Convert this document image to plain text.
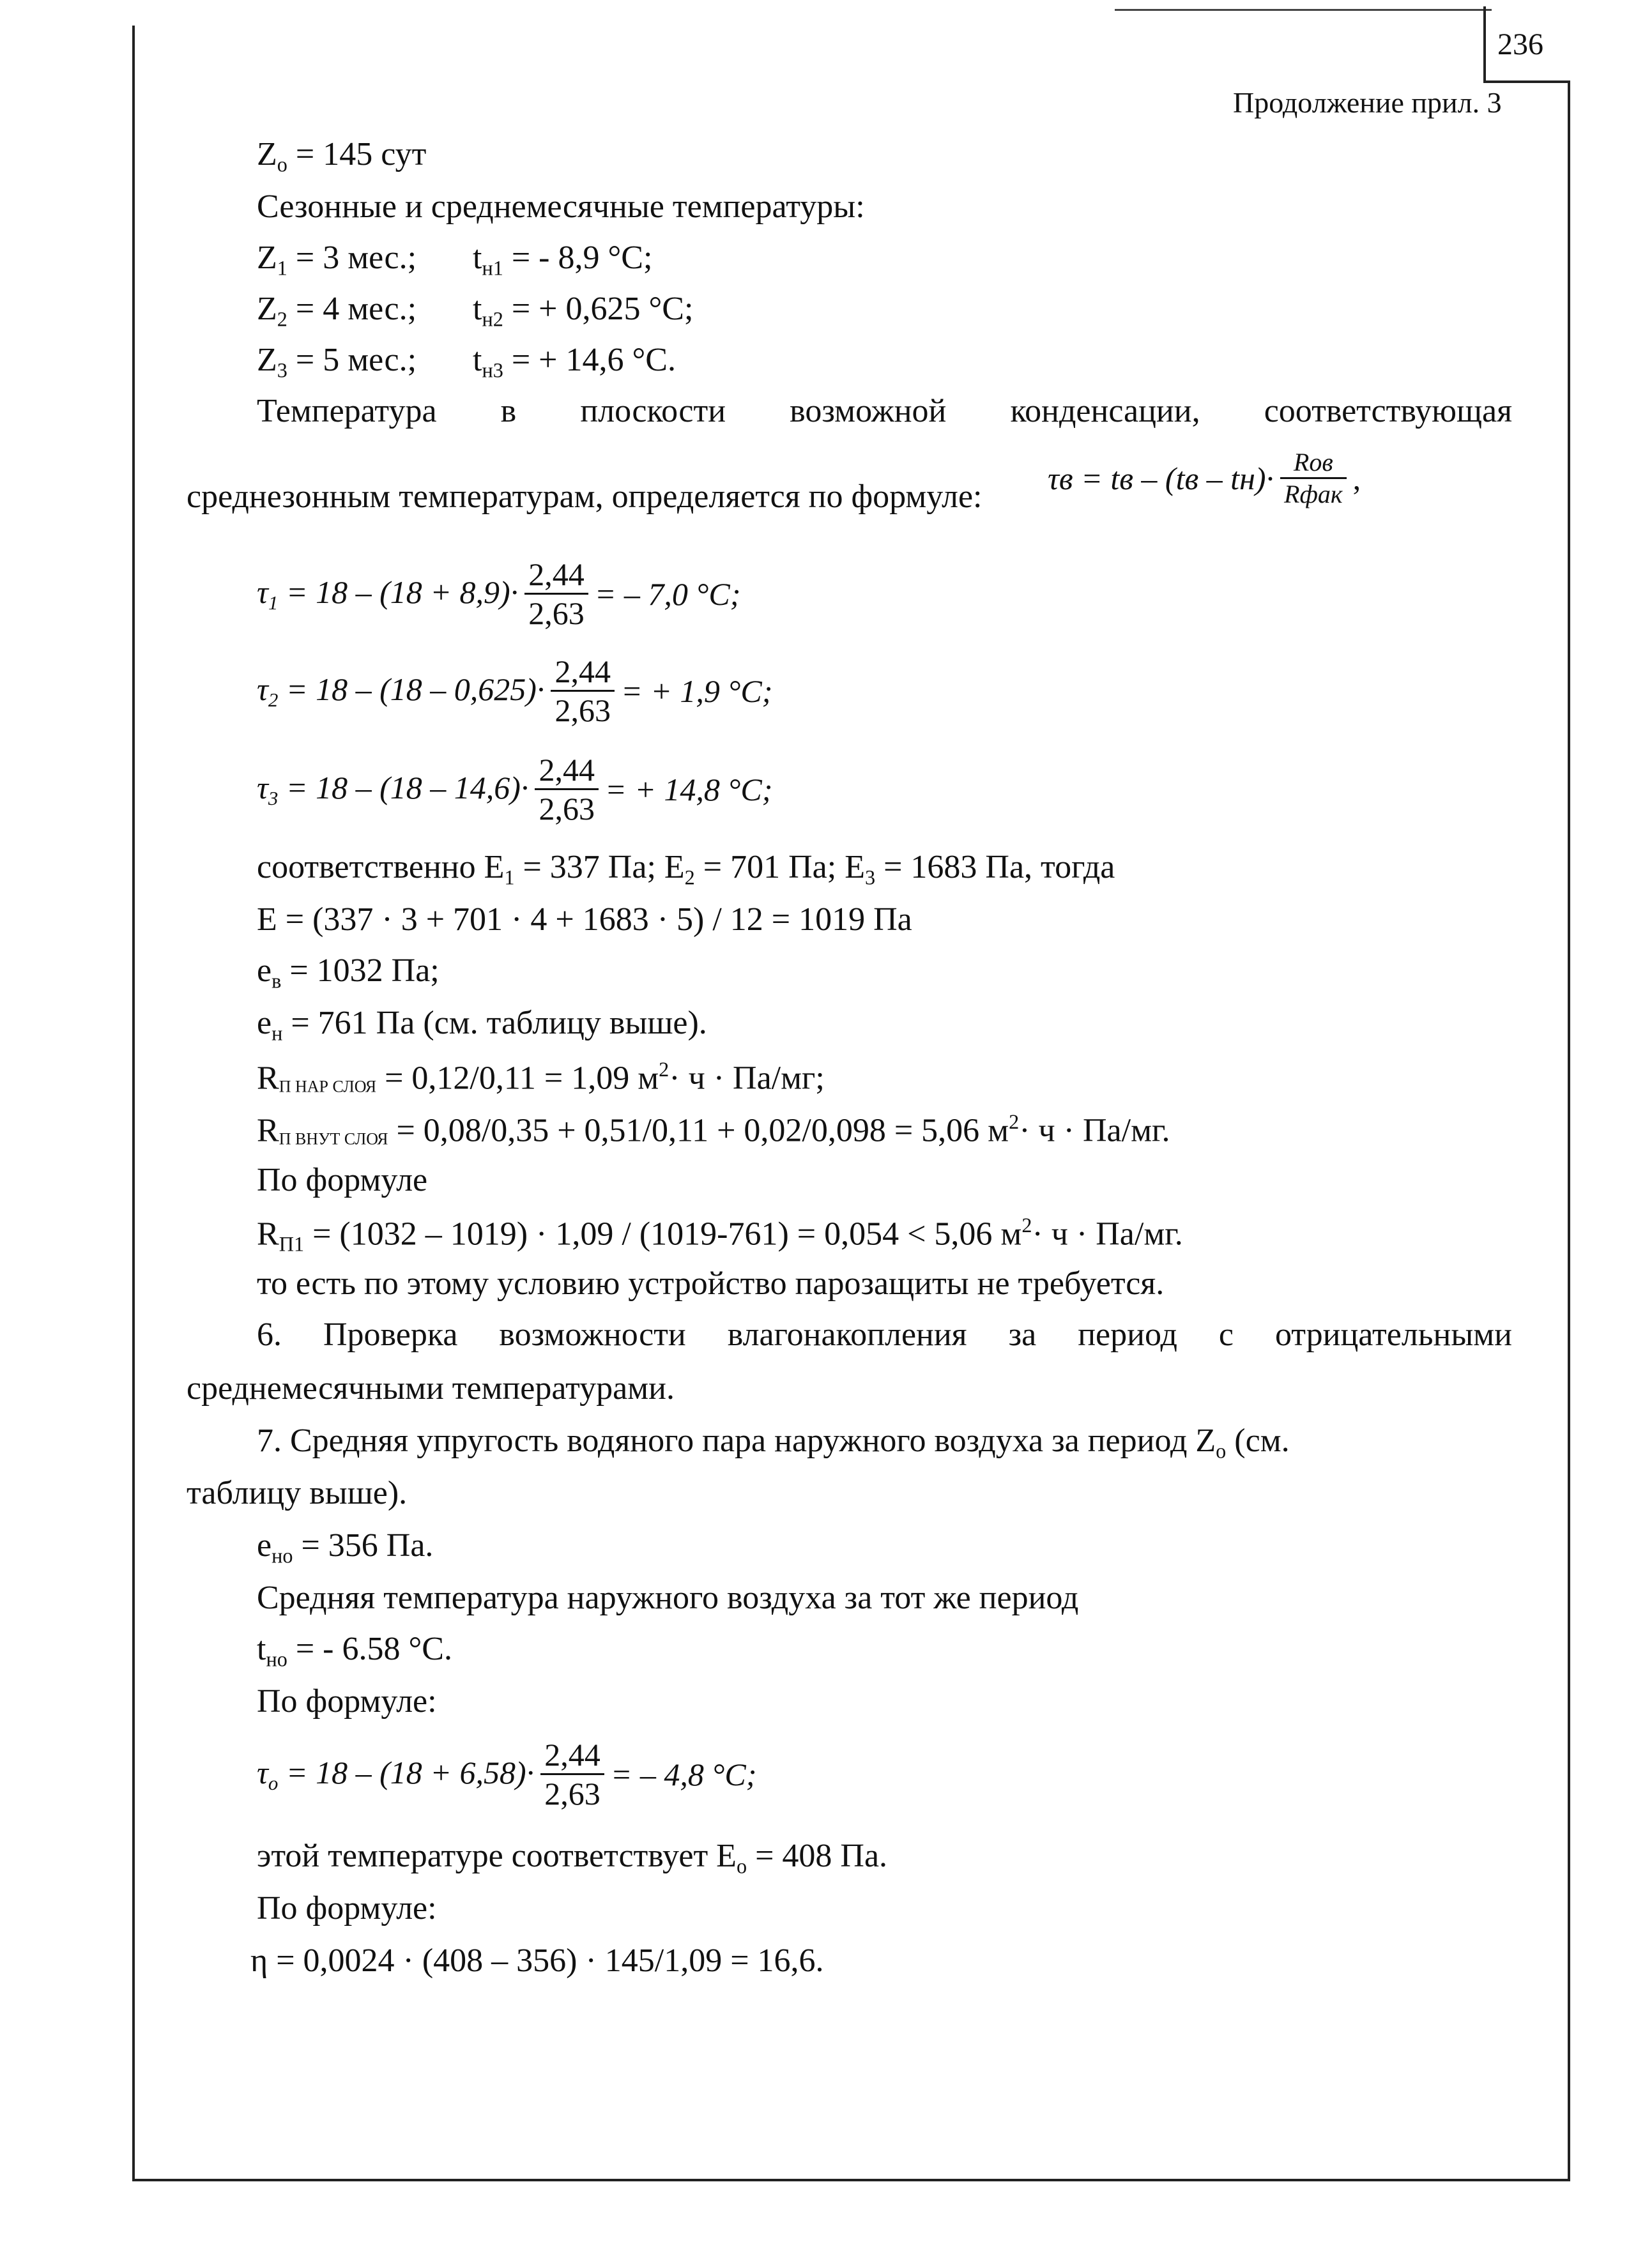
236
Продолжение прил. 3
$Z_o = 145$ сут
Сезонные и среднемесячные температуры:
$Z_1 = 3$ мес.; $t_{н1}$ = - 8,9 °С;
$Z_2 = 4$ мес.; $t_{н2}$ = + 0,625 °С;
$Z_3 = 5$ мес.; $t_{н3}$ = + 14,6 °С.
Температура в плоскости возможной конденсации, соответствующая
среднезонным температурам, определяется по формуле:
τв = tв – $(tв - tн)\cdot \frac{\text{Rов}}{\text{Rфак}}$ ,
$\tau_1 = 18 - (18 + 8,9)\cdot \frac{2,44}{2,63}$ = – 7,0 °C;
$\tau_2 = 18 - (18 - 0,625)\cdot \frac{2,44}{2,63}$ = + 1,9 °C;
$\tau_3 = 18 - (18 - 14,6)\cdot \frac{2,44}{2,63}$ = + 14,8 °C;
соответственно $E_1 = 337$ Па; $E_2 = 701$ Па; $E_3 = 1683$ Па, тогда
E = (337 · 3 + 701 · 4 + 1683 · 5) / 12 = 1019 Па
$e_в = 1032$ Па;
$e_н = 761$ Па (см. таблицу выше).
RП НАР СЛОЯ = 0,12/0,11 = 1,09 $м^2\cdot ч \cdot Па/мг$;
RП ВНУТ СЛОЯ = 0,08/0,35 + 0,51/0,11 + 0,02/0,098 = 5,06 $м^2\cdot ч \cdot Па/мг$.
По формуле
$R_{П1} = (1032 - 1019) \cdot 1,09 / (1019-761) = 0,054 < 5,06$ $м^2\cdot ч \cdot Па/мг$.
то есть по этому условию устройство парозащиты не требуется.
6. Проверка возможности влагонакопления за период с отрицательными
среднемесячными температурами.
7. Средняя упругость водяного пара наружного воздуха за период $Z_o$ (см.
таблицу выше).
$e_{но} = 356$ Па.
Средняя температура наружного воздуха за тот же период
$t_{но}$ = - 6.58 °С.
По формуле:
$\tau_o = 18 - (18 + 6,58)\cdot \frac{2,44}{2,63}$ = – 4,8 °C;
этой температуре соответствует $E_o = 408$ Па.
По формуле:
η = 0,0024 · (408 – 356) · 145/1,09 = 16,6.
